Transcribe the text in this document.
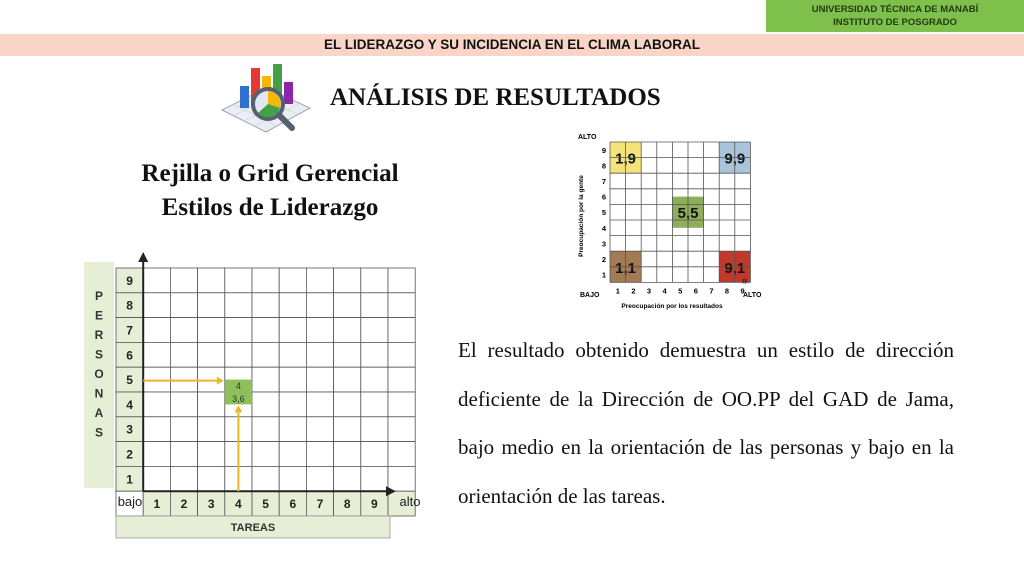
UNIVERSIDAD TÉCNICA DE MANABÍ
INSTITUTO DE POSGRADO
EL LIDERAZGO Y SU INCIDENCIA EN EL CLIMA LABORAL
ANÁLISIS DE RESULTADOS
Rejilla o Grid Gerencial
Estilos de Liderazgo
ALTO
1,9	9,9
5,5
1,1	9,1
1
1
2
2
3
3
4
4
5
5
6
6
7
7
8
8
9
9
BAJO	ALTO
Preocupación por los resultados
Preocupación por la gente
®
P
E
R
S
O
N
A
S
1
1
2
2
3
3
4
4
5
5
6
6
7
7
8
8
9
9
bajo	alto
TAREAS
4
3,6
El resultado obtenido demuestra un estilo de dirección deficiente de la Dirección de OO.PP del GAD de Jama, bajo medio en la orientación de las personas y bajo en la orientación de las tareas.
